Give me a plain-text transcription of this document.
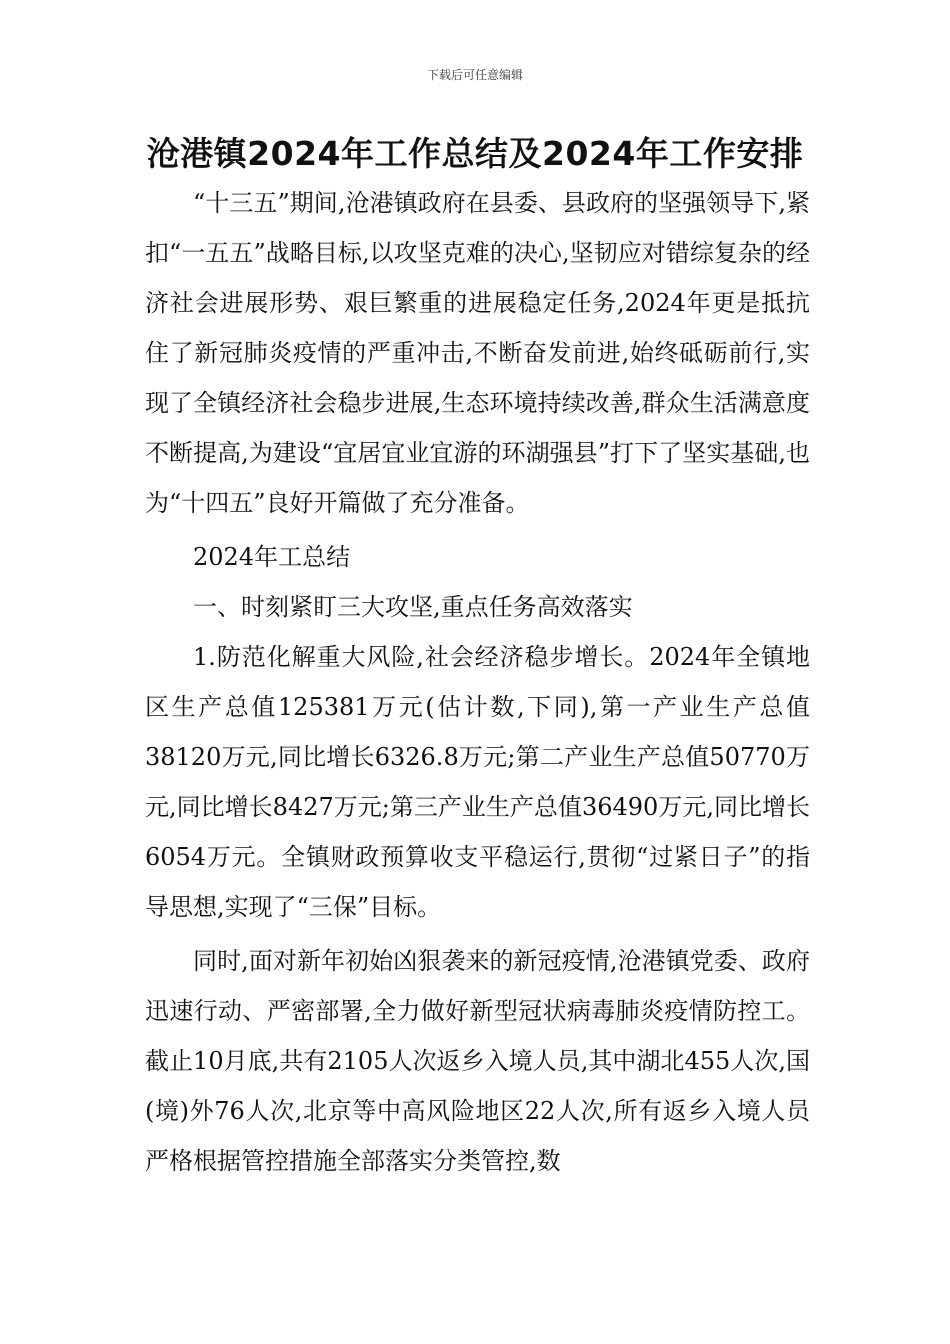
下载后可任意编辑
沧港镇2024年工作总结及2024年工作安排

“十三五”期间,沧港镇政府在县委、县政府的坚强领导下,紧扣“一五五”战略目标,以攻坚克难的决心,坚韧应对错综复杂的经济社会进展形势、艰巨繁重的进展稳定任务,2024年更是抵抗住了新冠肺炎疫情的严重冲击,不断奋发前进,始终砥砺前行,实现了全镇经济社会稳步进展,生态环境持续改善,群众生活满意度不断提高,为建设“宜居宜业宜游的环湖强县”打下了坚实基础,也为“十四五”良好开篇做了充分准备。

2024年工总结

一、时刻紧盯三大攻坚,重点任务高效落实

1.防范化解重大风险,社会经济稳步增长。2024年全镇地区生产总值125381万元(估计数,下同),第一产业生产总值38120万元,同比增长6326.8万元;第二产业生产总值50770万元,同比增长8427万元;第三产业生产总值36490万元,同比增长6054万元。全镇财政预算收支平稳运行,贯彻“过紧日子”的指导思想,实现了“三保”目标。

同时,面对新年初始凶狠袭来的新冠疫情,沧港镇党委、政府迅速行动、严密部署,全力做好新型冠状病毒肺炎疫情防控工。截止10月底,共有2105人次返乡入境人员,其中湖北455人次,国(境)外76人次,北京等中高风险地区22人次,所有返乡入境人员严格根据管控措施全部落实分类管控,数
